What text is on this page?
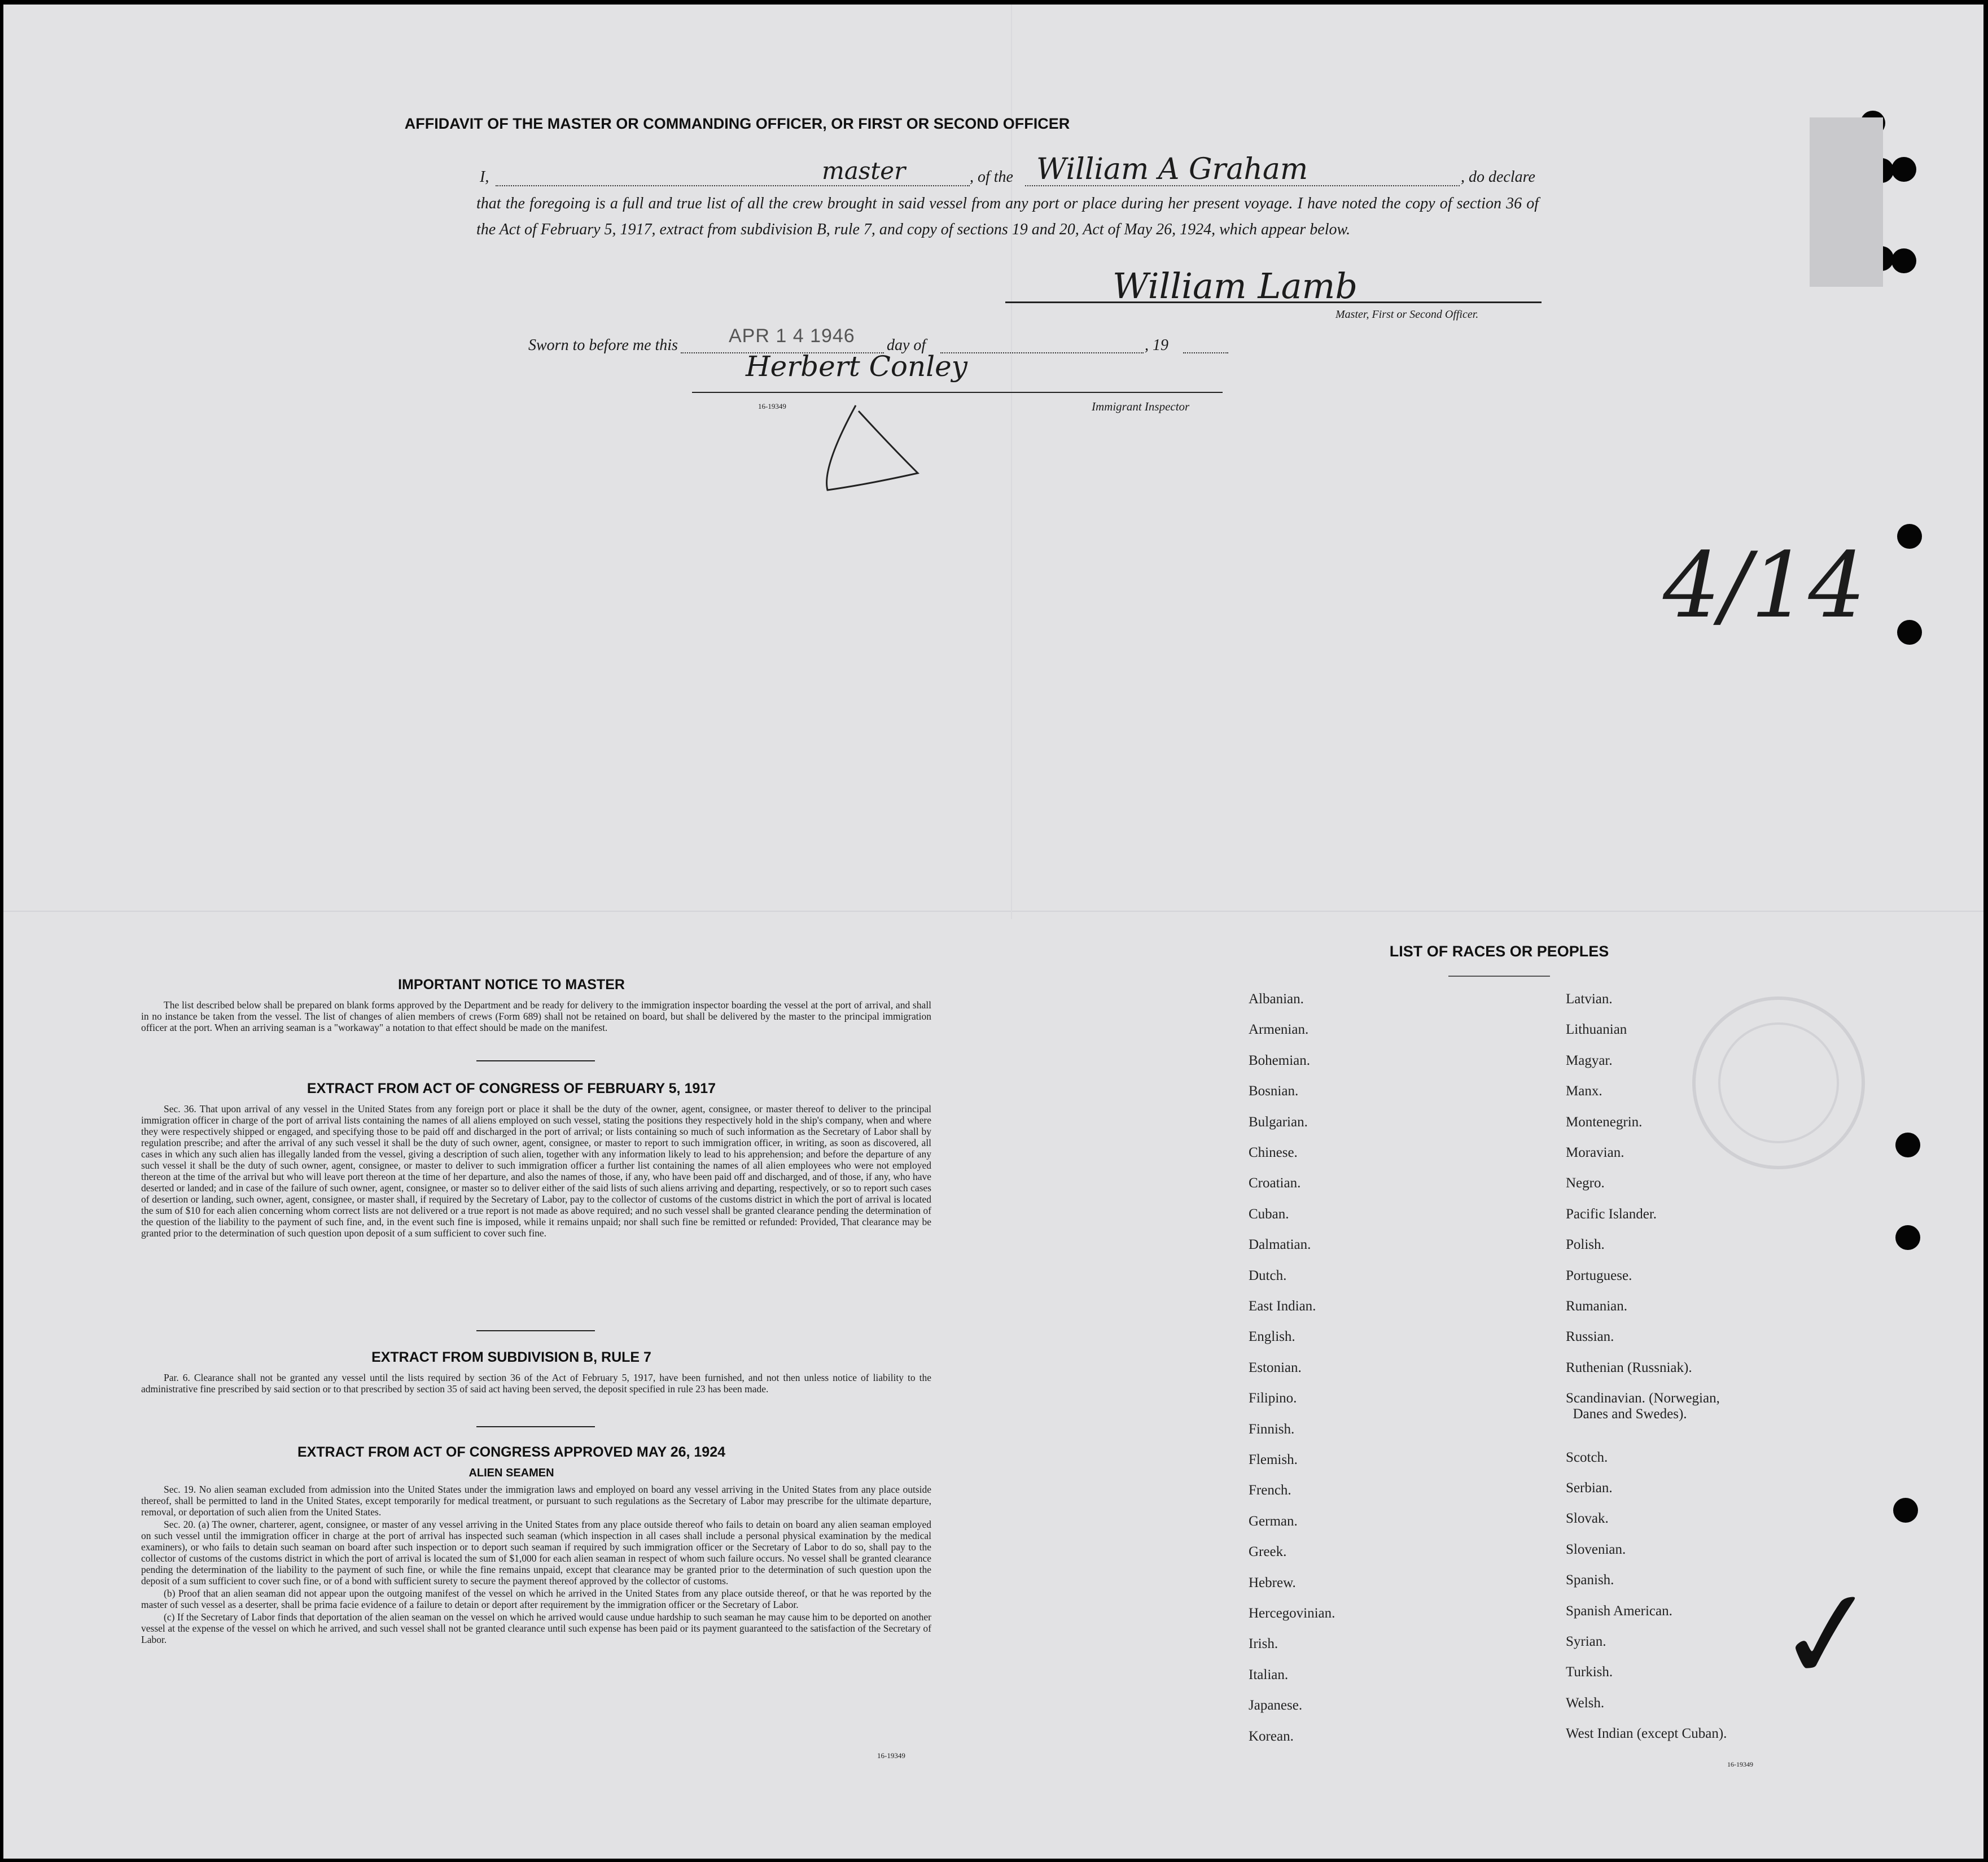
AFFIDAVIT OF THE MASTER OR COMMANDING OFFICER, OR FIRST OR SECOND OFFICER
I,	master	, of the William A Graham	, do declare
that the foregoing is a full and true list of all the crew brought in said vessel from any port or place during her present voyage. I have noted the copy of section 36 of the Act of February 5, 1917, extract from subdivision B, rule 7, and copy of sections 19 and 20, Act of May 26, 1924, which appear below.
William Lamb
Master, First or Second Officer.
Sworn to before me this	APR 1 4 1946 day of	, 19
Herbert Conley
16-19349	Immigrant Inspector
4/14
✓
IMPORTANT NOTICE TO MASTER

The list described below shall be prepared on blank forms approved by the Department and be ready for delivery to the immigration inspector boarding the vessel at the port of arrival, and shall in no instance be taken from the vessel. The list of changes of alien members of crews (Form 689) shall not be retained on board, but shall be delivered by the master to the principal immigration officer at the port. When an arriving seaman is a "workaway" a notation to that effect should be made on the manifest.

EXTRACT FROM ACT OF CONGRESS OF FEBRUARY 5, 1917

Sec. 36. That upon arrival of any vessel in the United States from any foreign port or place it shall be the duty of the owner, agent, consignee, or master thereof to deliver to the principal immigration officer in charge of the port of arrival lists containing the names of all aliens employed on such vessel, stating the positions they respectively hold in the ship's company, when and where they were respectively shipped or engaged, and specifying those to be paid off and discharged in the port of arrival; or lists containing so much of such information as the Secretary of Labor shall by regulation prescribe; and after the arrival of any such vessel it shall be the duty of such owner, agent, consignee, or master to report to such immigration officer, in writing, as soon as discovered, all cases in which any such alien has illegally landed from the vessel, giving a description of such alien, together with any information likely to lead to his apprehension; and before the departure of any such vessel it shall be the duty of such owner, agent, consignee, or master to deliver to such immigration officer a further list containing the names of all alien employees who were not employed thereon at the time of the arrival but who will leave port thereon at the time of her departure, and also the names of those, if any, who have been paid off and discharged, and of those, if any, who have deserted or landed; and in case of the failure of such owner, agent, consignee, or master so to deliver either of the said lists of such aliens arriving and departing, respectively, or so to report such cases of desertion or landing, such owner, agent, consignee, or master shall, if required by the Secretary of Labor, pay to the collector of customs of the customs district in which the port of arrival is located the sum of $10 for each alien concerning whom correct lists are not delivered or a true report is not made as above required; and no such vessel shall be granted clearance pending the determination of the question of the liability to the payment of such fine, and, in the event such fine is imposed, while it remains unpaid; nor shall such fine be remitted or refunded: Provided, That clearance may be granted prior to the determination of such question upon deposit of a sum sufficient to cover such fine.

EXTRACT FROM SUBDIVISION B, RULE 7

Par. 6. Clearance shall not be granted any vessel until the lists required by section 36 of the Act of February 5, 1917, have been furnished, and not then unless notice of liability to the administrative fine prescribed by said section or to that prescribed by section 35 of said act having been served, the deposit specified in rule 23 has been made.

EXTRACT FROM ACT OF CONGRESS APPROVED MAY 26, 1924
ALIEN SEAMEN

Sec. 19. No alien seaman excluded from admission into the United States under the immigration laws and employed on board any vessel arriving in the United States from any place outside thereof, shall be permitted to land in the United States, except temporarily for medical treatment, or pursuant to such regulations as the Secretary of Labor may prescribe for the ultimate departure, removal, or deportation of such alien from the United States.

Sec. 20. (a) The owner, charterer, agent, consignee, or master of any vessel arriving in the United States from any place outside thereof who fails to detain on board any alien seaman employed on such vessel until the immigration officer in charge at the port of arrival has inspected such seaman (which inspection in all cases shall include a personal physical examination by the medical examiners), or who fails to detain such seaman on board after such inspection or to deport such seaman if required by such immigration officer or the Secretary of Labor to do so, shall pay to the collector of customs of the customs district in which the port of arrival is located the sum of $1,000 for each alien seaman in respect of whom such failure occurs. No vessel shall be granted clearance pending the determination of the liability to the payment of such fine, or while the fine remains unpaid, except that clearance may be granted prior to the determination of such question upon the deposit of a sum sufficient to cover such fine, or of a bond with sufficient surety to secure the payment thereof approved by the collector of customs.

(b) Proof that an alien seaman did not appear upon the outgoing manifest of the vessel on which he arrived in the United States from any place outside thereof, or that he was reported by the master of such vessel as a deserter, shall be prima facie evidence of a failure to detain or deport after requirement by the immigration officer or the Secretary of Labor.

(c) If the Secretary of Labor finds that deportation of the alien seaman on the vessel on which he arrived would cause undue hardship to such seaman he may cause him to be deported on another vessel at the expense of the vessel on which he arrived, and such vessel shall not be granted clearance until such expense has been paid or its payment guaranteed to the satisfaction of the Secretary of Labor.

16-19349
LIST OF RACES OR PEOPLES
Albanian.
Armenian.
Bohemian.
Bosnian.
Bulgarian.
Chinese.
Croatian.
Cuban.
Dalmatian.
Dutch.
East Indian.
English.
Estonian.
Filipino.
Finnish.
Flemish.
French.
German.
Greek.
Hebrew.
Hercegovinian.
Irish.
Italian.
Japanese.
Korean.
Latvian.
Lithuanian
Magyar.
Manx.
Montenegrin.
Moravian.
Negro.
Pacific Islander.
Polish.
Portuguese.
Rumanian.
Russian.
Ruthenian (Russniak).
Scandinavian. (Norwegian,
Danes and Swedes).
Scotch.
Serbian.
Slovak.
Slovenian.
Spanish.
Spanish American.
Syrian.
Turkish.
Welsh.
West Indian (except Cuban).
16-19349
